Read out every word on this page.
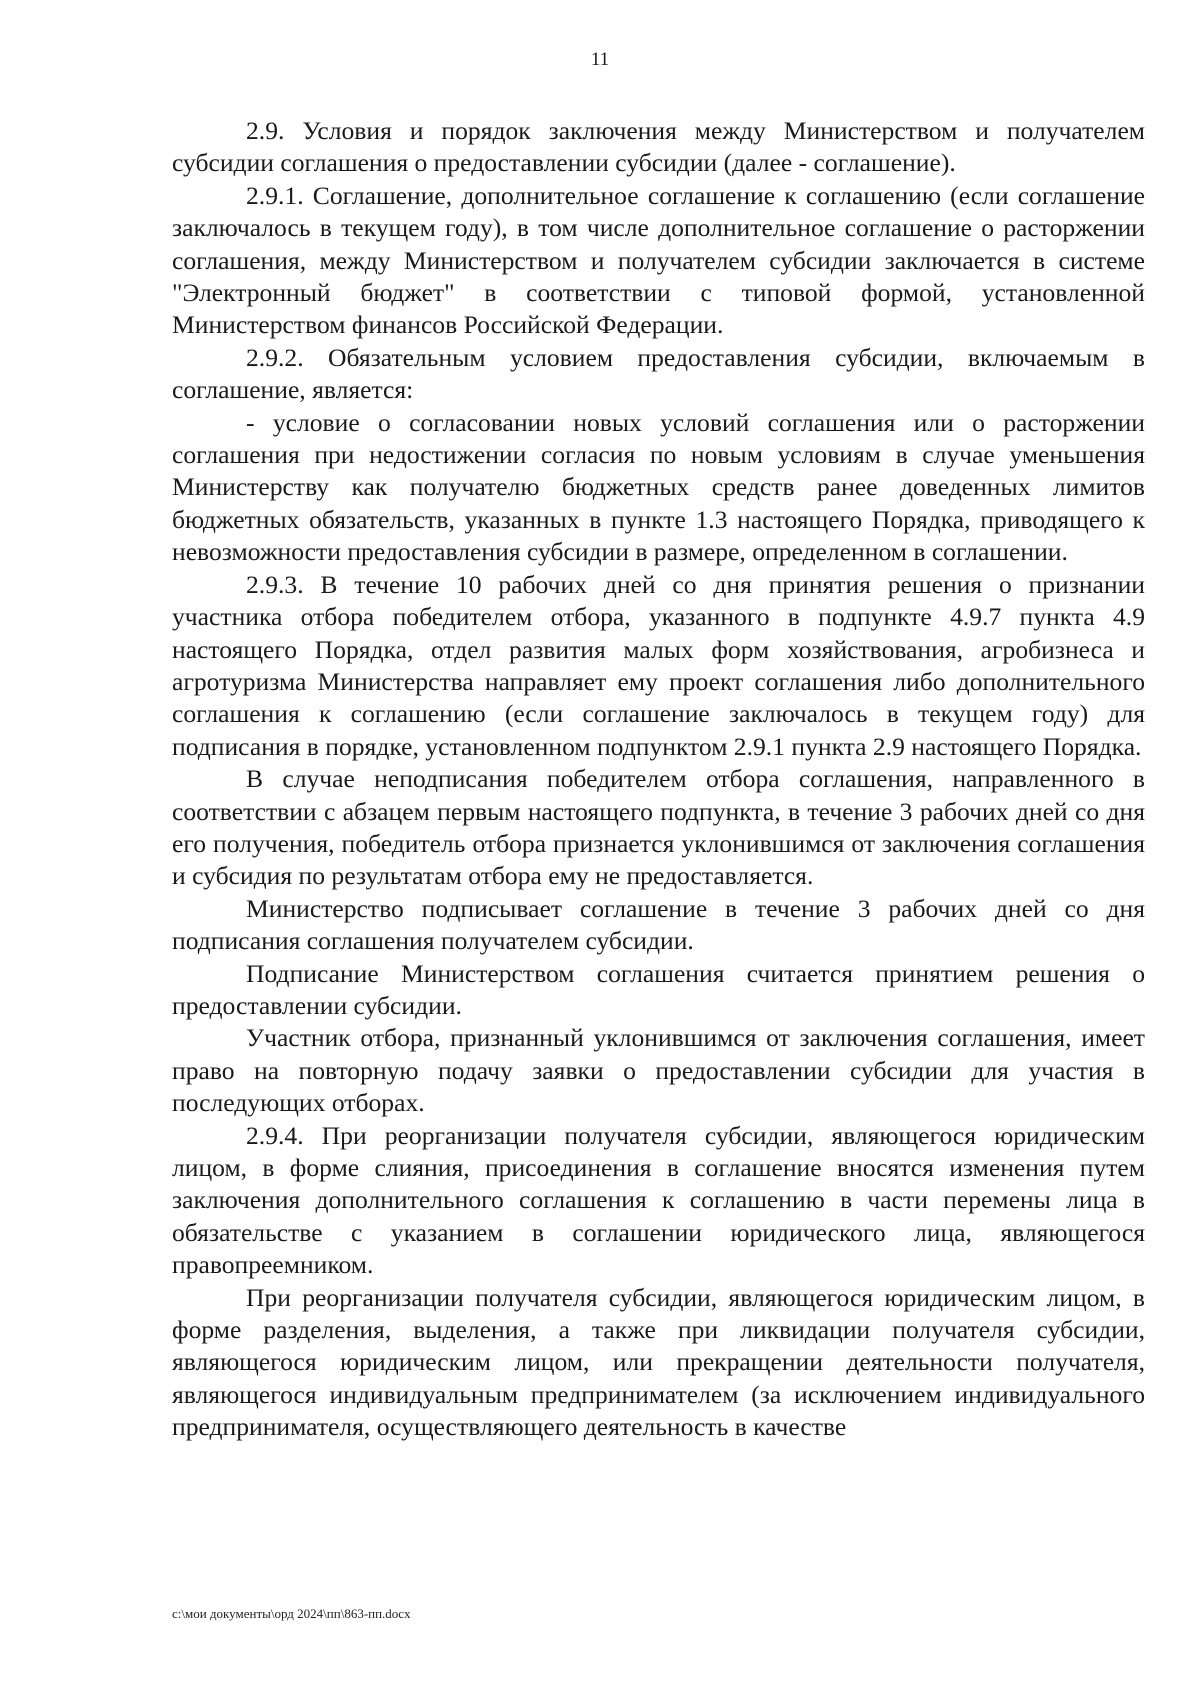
11

2.9. Условия и порядок заключения между Министерством и получателем субсидии соглашения о предоставлении субсидии (далее - соглашение).

2.9.1. Соглашение, дополнительное соглашение к соглашению (если соглашение заключалось в текущем году), в том числе дополнительное соглашение о расторжении соглашения, между Министерством и получателем субсидии заключается в системе "Электронный бюджет" в соответствии с типовой формой, установленной Министерством финансов Российской Федерации.

2.9.2. Обязательным условием предоставления субсидии, включаемым в соглашение, является:

- условие о согласовании новых условий соглашения или о расторжении соглашения при недостижении согласия по новым условиям в случае уменьшения Министерству как получателю бюджетных средств ранее доведенных лимитов бюджетных обязательств, указанных в пункте 1.3 настоящего Порядка, приводящего к невозможности предоставления субсидии в размере, определенном в соглашении.

2.9.3. В течение 10 рабочих дней со дня принятия решения о признании участника отбора победителем отбора, указанного в подпункте 4.9.7 пункта 4.9 настоящего Порядка, отдел развития малых форм хозяйствования, агробизнеса и агротуризма Министерства направляет ему проект соглашения либо дополнительного соглашения к соглашению (если соглашение заключалось в текущем году) для подписания в порядке, установленном подпунктом 2.9.1 пункта 2.9 настоящего Порядка.

В случае неподписания победителем отбора соглашения, направленного в соответствии с абзацем первым настоящего подпункта, в течение 3 рабочих дней со дня его получения, победитель отбора признается уклонившимся от заключения соглашения и субсидия по результатам отбора ему не предоставляется.

Министерство подписывает соглашение в течение 3 рабочих дней со дня подписания соглашения получателем субсидии.

Подписание Министерством соглашения считается принятием решения о предоставлении субсидии.

Участник отбора, признанный уклонившимся от заключения соглашения, имеет право на повторную подачу заявки о предоставлении субсидии для участия в последующих отборах.

2.9.4. При реорганизации получателя субсидии, являющегося юридическим лицом, в форме слияния, присоединения в соглашение вносятся изменения путем заключения дополнительного соглашения к соглашению в части перемены лица в обязательстве с указанием в соглашении юридического лица, являющегося правопреемником.

При реорганизации получателя субсидии, являющегося юридическим лицом, в форме разделения, выделения, а также при ликвидации получателя субсидии, являющегося юридическим лицом, или прекращении деятельности получателя, являющегося индивидуальным предпринимателем (за исключением индивидуального предпринимателя, осуществляющего деятельность в качестве

c:\мои документы\орд 2024\пп\863-пп.docx
